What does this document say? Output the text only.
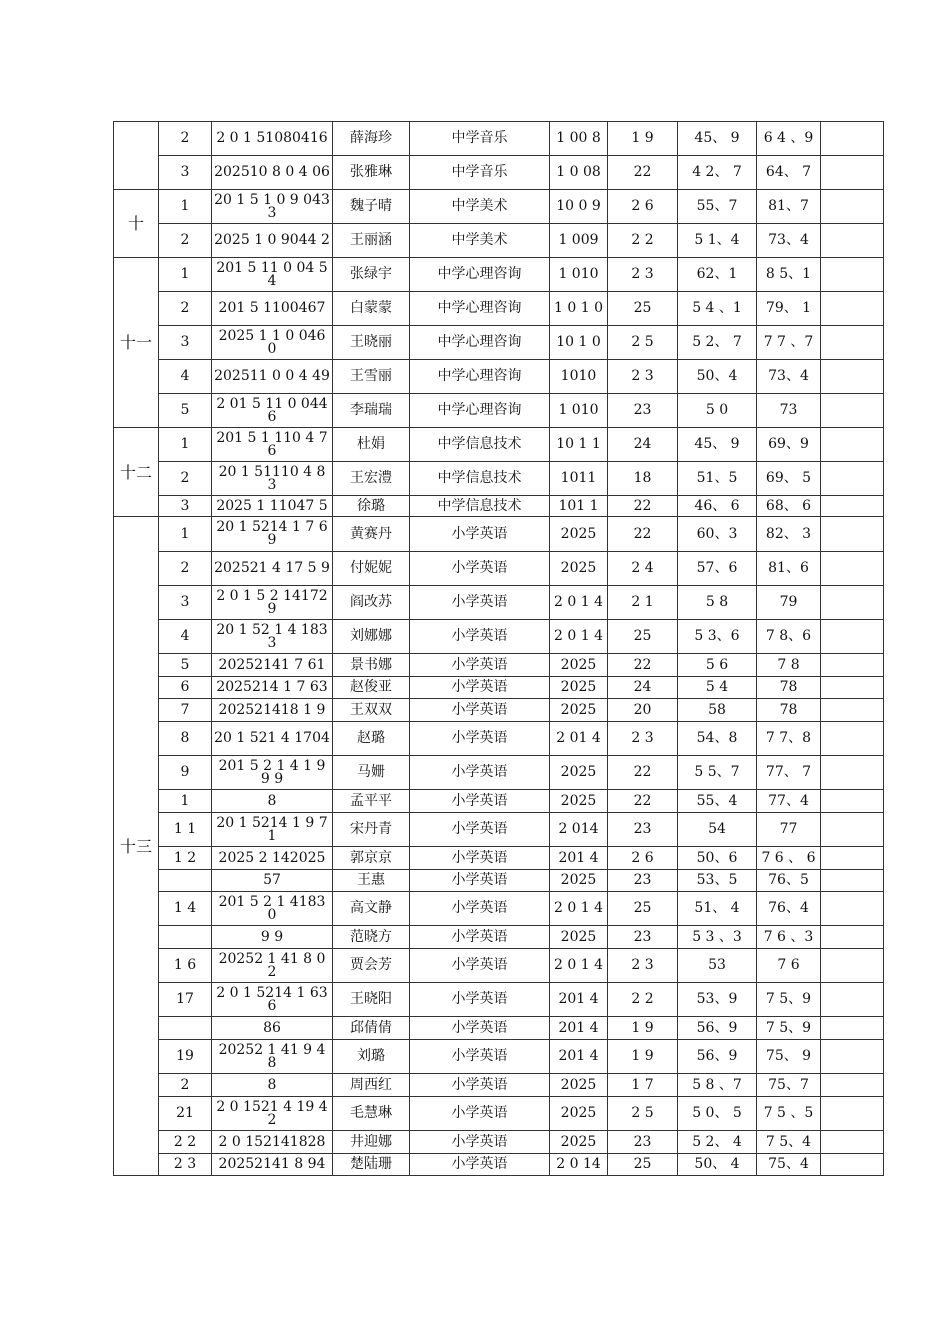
	2	2 0 1 51080416	薛海珍	中学音乐	1 00 8	1 9	45、 9	6 4 、9	
	3	202510 8 0 4 06	张雅琳	中学音乐	1 0 08	22	4 2、 7	64、 7	
十	1	20 1 5 1 0 9 0433	魏子晴	中学美术	10 0 9	2 6	55、7	81、7	
	2	2025 1 0 9044 2	王丽涵	中学美术	1 009	2 2	5 1、4	73、4	
十一	1	201 5 11 0 04 5 4	张绿宇	中学心理咨询	1 010	2 3	62、1	8 5、1	
	2	201 5 1100467	白蒙蒙	中学心理咨询	1 0 1 0	25	5 4 、1	79、 1	
	3	2025 1 1 0 046 0	王晓丽	中学心理咨询	10 1 0	2 5	5 2、 7	7 7 、7	
	4	202511 0 0 4 49	王雪丽	中学心理咨询	1010	2 3	50、4	73、4	
	5	2 01 5 11 0 0446	李瑞瑞	中学心理咨询	1 010	23	5 0	73	
十二	1	201 5 1 110 4 7 6	杜娟	中学信息技术	10 1 1	24	45、 9	69、9	
	2	20 1 51110 4 8 3	王宏澧	中学信息技术	1011	18	51、5	69、 5	
	3	2025 1 11047 5	徐璐	中学信息技术	101 1	22	46、 6	68、 6	
十三	1	20 1 5214 1 7 6 9	黄赛丹	小学英语	2025	22	60、3	82、 3	
	2	202521 4 17 5 9	付妮妮	小学英语	2025	2 4	57、6	81、6	
	3	2 0 1 5 2 141729	阎改苏	小学英语	2 0 1 4	2 1	5 8	79	
	4	20 1 52 1 4 1833	刘娜娜	小学英语	2 0 1 4	25	5 3、6	7 8、6	
	5	20252141 7 61	景书娜	小学英语	2025	22	5 6	7 8	
	6	2025214 1 7 63	赵俊亚	小学英语	2025	24	5 4	78	
	7	202521418 1 9	王双双	小学英语	2025	20	58	78	
	8	20 1 521 4 1704	赵璐	小学英语	2 01 4	2 3	54、8	7 7、8	
	9	201 5 2 1 4 1 9 9 9	马姗	小学英语	2025	22	5 5、7	77、 7	
	1	8	孟平平	小学英语	2025	22	55、4	77、4	
	1 1	20 1 5214 1 9 71	宋丹青	小学英语	2 014	23	54	77	
	1 2	2025 2 142025	郭京京	小学英语	201 4	2 6	50、6	7 6 、 6	
		57	王惠	小学英语	2025	23	53、5	76、5	
	1 4	201 5 2 1 4183 0	高文静	小学英语	2 0 1 4	25	51、 4	76、4	
		9 9	范晓方	小学英语	2025	23	5 3 、3	7 6 、3	
	1 6	20252 1 41 8 0 2	贾会芳	小学英语	2 0 1 4	2 3	53	7 6	
	17	2 0 1 5214 1 636	王晓阳	小学英语	201 4	2 2	53、9	7 5、9	
		86	邱倩倩	小学英语	201 4	1 9	56、9	7 5、9	
	19	20252 1 41 9 4 8	刘璐	小学英语	201 4	1 9	56、9	75、 9	
	2	8	周西红	小学英语	2025	1 7	5 8 、7	75、7	
	21	2 0 1521 4 19 4 2	毛慧琳	小学英语	2025	2 5	5 0、 5	7 5 、5	
	2 2	2 0 152141828	井迎娜	小学英语	2025	23	5 2、 4	7 5、4	
	2 3	20252141 8 94	楚陆珊	小学英语	2 0 14	25	50、 4	75、4	
